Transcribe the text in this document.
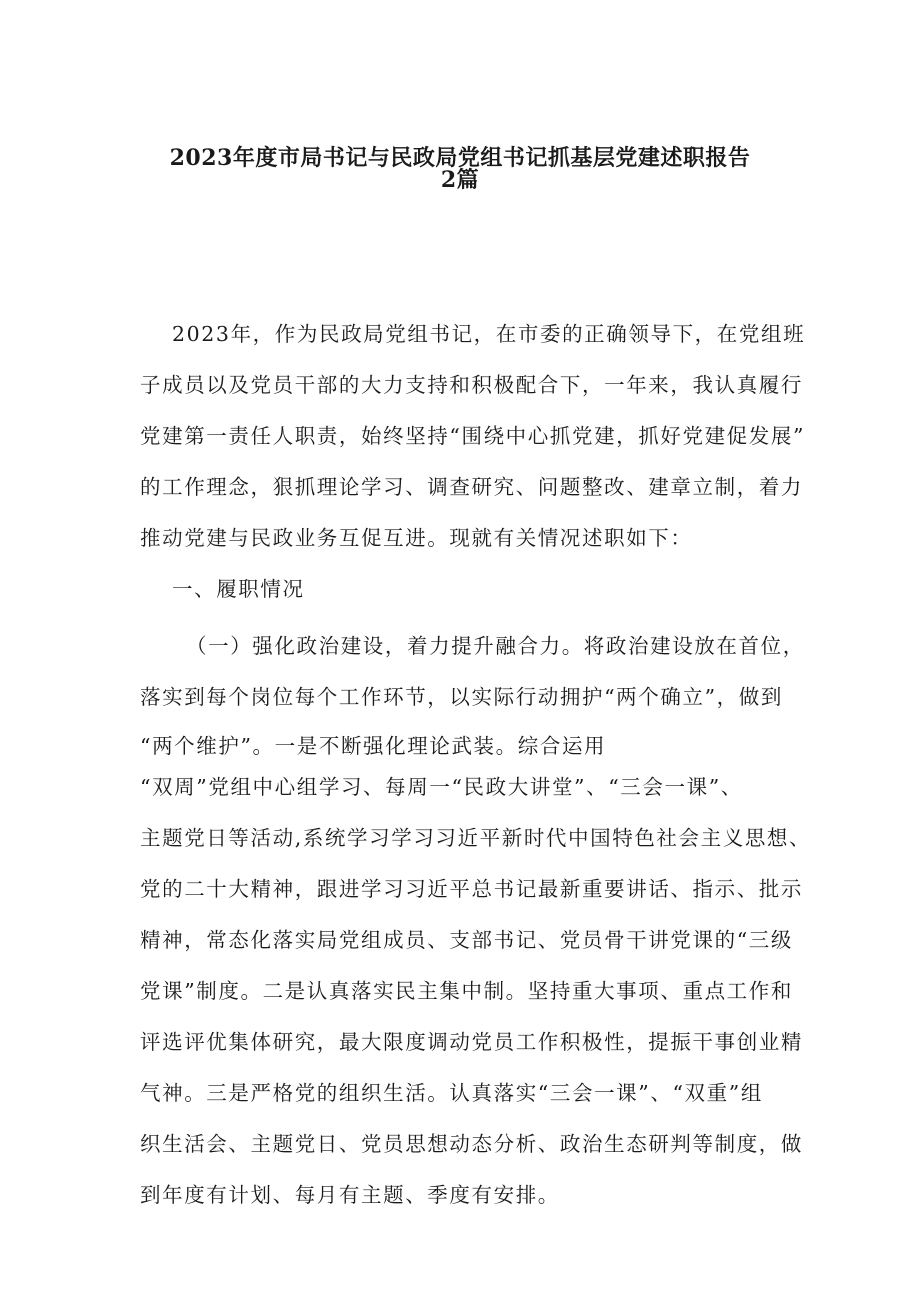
2023年度市局书记与民政局党组书记抓基层党建述职报告
2篇
2023年，作为民政局党组书记，在市委的正确领导下，在党组班
子成员以及党员干部的大力支持和积极配合下，一年来，我认真履行
党建第一责任人职责，始终坚持“围绕中心抓党建，抓好党建促发展”
的工作理念，狠抓理论学习、调查研究、问题整改、建章立制，着力
推动党建与民政业务互促互进。现就有关情况述职如下：
一、履职情况
（一）强化政治建设，着力提升融合力。将政治建设放在首位，
落实到每个岗位每个工作环节，以实际行动拥护“两个确立”，做到
“两个维护”。一是不断强化理论武装。综合运用
“双周”党组中心组学习、每周一“民政大讲堂”、“三会一课”、
主题党日等活动,系统学习学习习近平新时代中国特色社会主义思想、
党的二十大精神，跟进学习习近平总书记最新重要讲话、指示、批示
精神，常态化落实局党组成员、支部书记、党员骨干讲党课的“三级
党课”制度。二是认真落实民主集中制。坚持重大事项、重点工作和
评选评优集体研究，最大限度调动党员工作积极性，提振干事创业精
气神。三是严格党的组织生活。认真落实“三会一课”、“双重”组
织生活会、主题党日、党员思想动态分析、政治生态研判等制度，做
到年度有计划、每月有主题、季度有安排。
